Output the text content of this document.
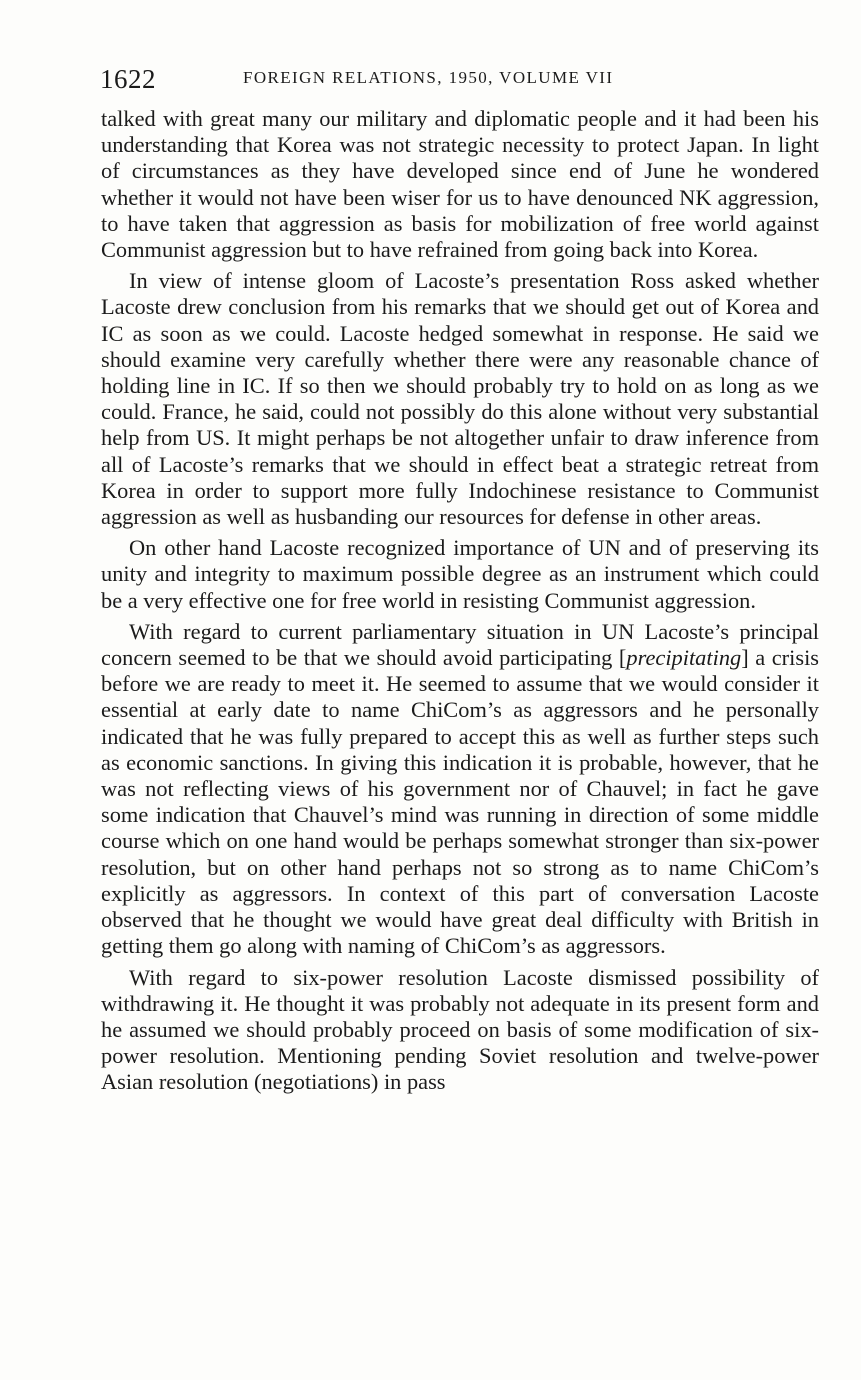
1622	FOREIGN RELATIONS, 1950, VOLUME VII

talked with great many our military and diplomatic people and it had been his understanding that Korea was not strategic necessity to protect Japan. In light of circumstances as they have developed since end of June he wondered whether it would not have been wiser for us to have denounced NK aggression, to have taken that aggression as basis for mobilization of free world against Communist aggression but to have refrained from going back into Korea.

In view of intense gloom of Lacoste’s presentation Ross asked whether Lacoste drew conclusion from his remarks that we should get out of Korea and IC as soon as we could. Lacoste hedged somewhat in response. He said we should examine very carefully whether there were any reasonable chance of holding line in IC. If so then we should probably try to hold on as long as we could. France, he said, could not possibly do this alone without very substantial help from US. It might perhaps be not altogether unfair to draw inference from all of Lacoste’s remarks that we should in effect beat a strategic retreat from Korea in order to support more fully Indochinese resistance to Communist aggression as well as husbanding our resources for defense in other areas.

On other hand Lacoste recognized importance of UN and of preserving its unity and integrity to maximum possible degree as an instrument which could be a very effective one for free world in resisting Communist aggression.

With regard to current parliamentary situation in UN Lacoste’s principal concern seemed to be that we should avoid participating [precipitating] a crisis before we are ready to meet it. He seemed to assume that we would consider it essential at early date to name ChiCom’s as aggressors and he personally indicated that he was fully prepared to accept this as well as further steps such as economic sanctions. In giving this indication it is probable, however, that he was not reflecting views of his government nor of Chauvel; in fact he gave some indication that Chauvel’s mind was running in direction of some middle course which on one hand would be perhaps somewhat stronger than six-power resolution, but on other hand perhaps not so strong as to name ChiCom’s explicitly as aggressors. In context of this part of conversation Lacoste observed that he thought we would have great deal difficulty with British in getting them go along with naming of ChiCom’s as aggressors.

With regard to six-power resolution Lacoste dismissed possibility of withdrawing it. He thought it was probably not adequate in its present form and he assumed we should probably proceed on basis of some modification of six-power resolution. Mentioning pending Soviet resolution and twelve-power Asian resolution (negotiations) in pass
